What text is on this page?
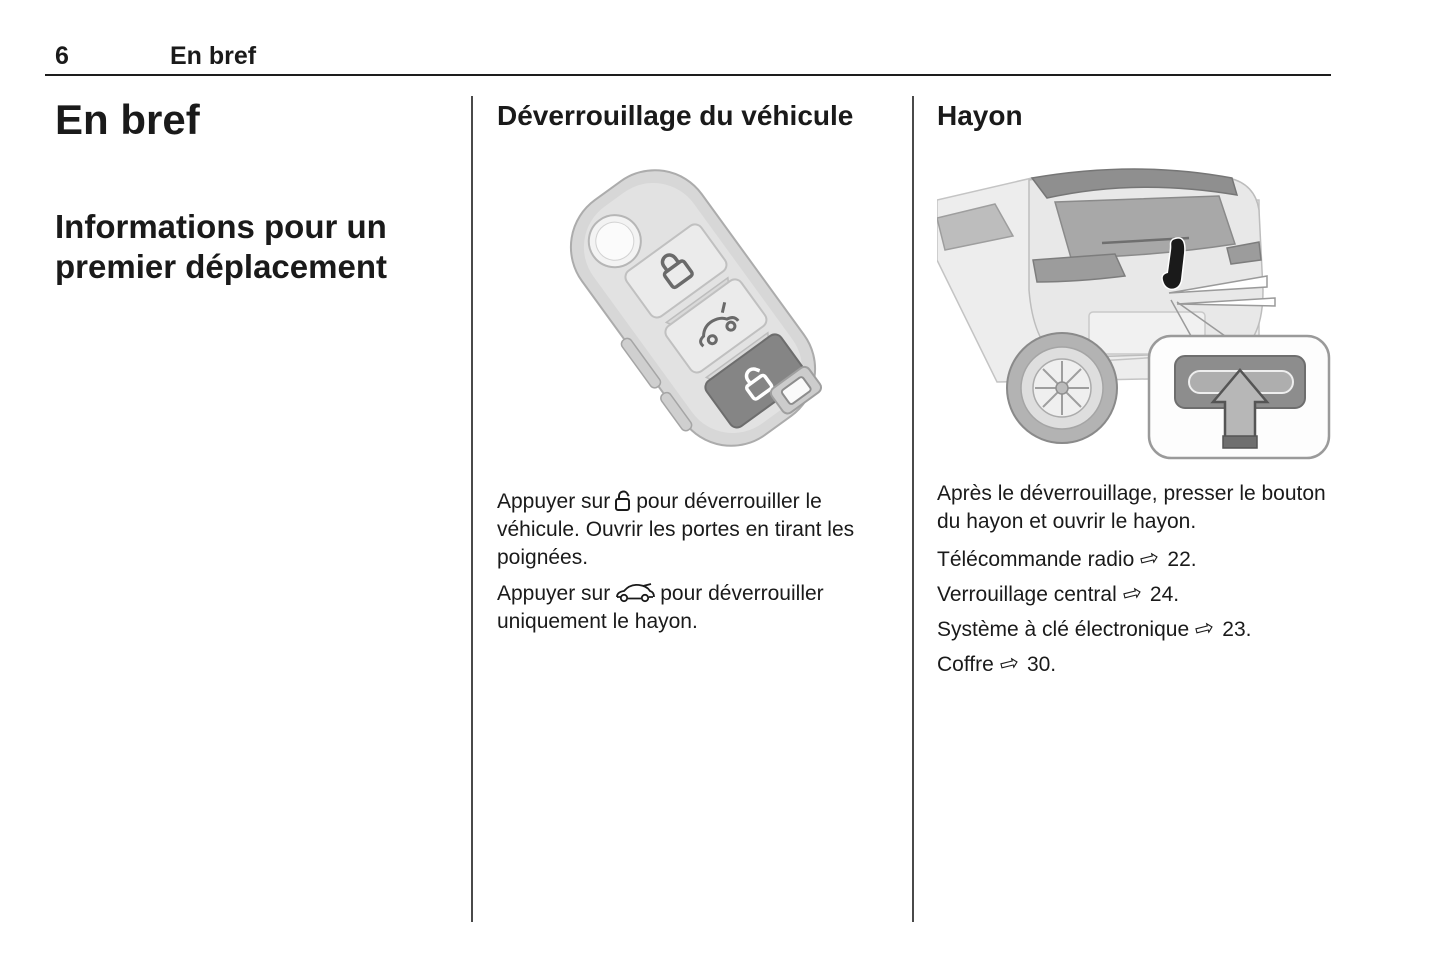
6	En bref
En bref
Informations pour un premier déplacement
Déverrouillage du véhicule
Appuyer sur pour déverrouiller le véhicule. Ouvrir les portes en tirant les poignées.
Appuyer sur pour déverrouiller uniquement le hayon.
Hayon
Après le déverrouillage, presser le bouton du hayon et ouvrir le hayon.
Télécommande radio ⇨ 22.
Verrouillage central ⇨ 24.
Système à clé électronique ⇨ 23.
Coffre ⇨ 30.
